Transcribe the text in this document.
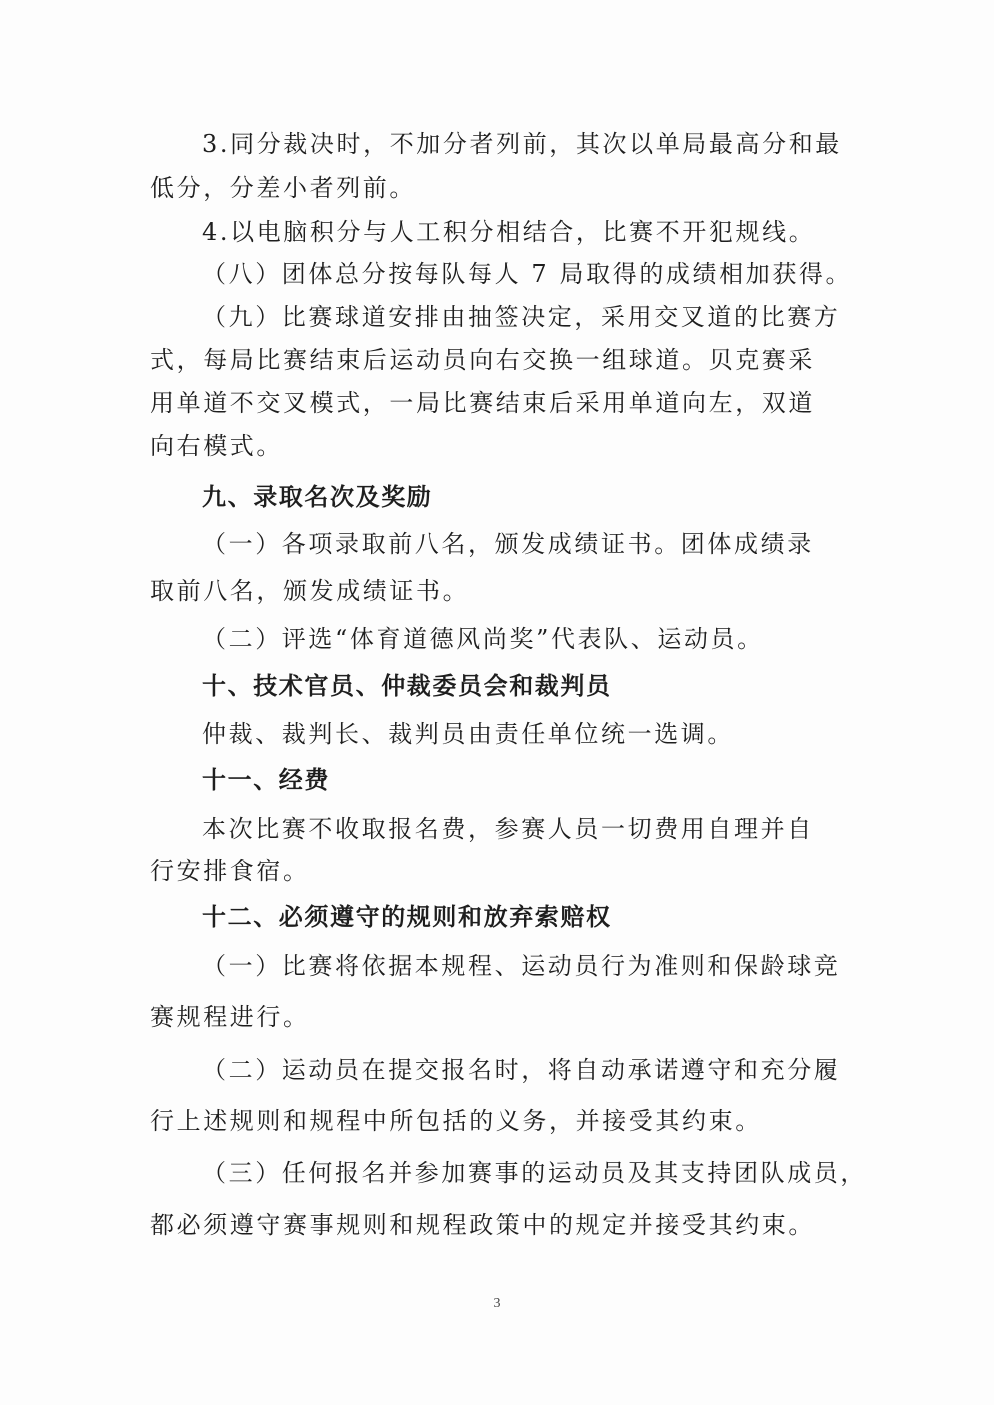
3.同分裁决时，不加分者列前，其次以单局最高分和最
低分，分差小者列前。
4.以电脑积分与人工积分相结合，比赛不开犯规线。
（八）团体总分按每队每人 7 局取得的成绩相加获得。
（九）比赛球道安排由抽签决定，采用交叉道的比赛方
式，每局比赛结束后运动员向右交换一组球道。贝克赛采
用单道不交叉模式，一局比赛结束后采用单道向左，双道
向右模式。
九、录取名次及奖励
（一）各项录取前八名，颁发成绩证书。团体成绩录
取前八名，颁发成绩证书。
（二）评选“体育道德风尚奖”代表队、运动员。
十、技术官员、仲裁委员会和裁判员
仲裁、裁判长、裁判员由责任单位统一选调。
十一、经费
本次比赛不收取报名费，参赛人员一切费用自理并自
行安排食宿。
十二、必须遵守的规则和放弃索赔权
（一）比赛将依据本规程、运动员行为准则和保龄球竞
赛规程进行。
（二）运动员在提交报名时，将自动承诺遵守和充分履
行上述规则和规程中所包括的义务，并接受其约束。
（三）任何报名并参加赛事的运动员及其支持团队成员，
都必须遵守赛事规则和规程政策中的规定并接受其约束。
3
